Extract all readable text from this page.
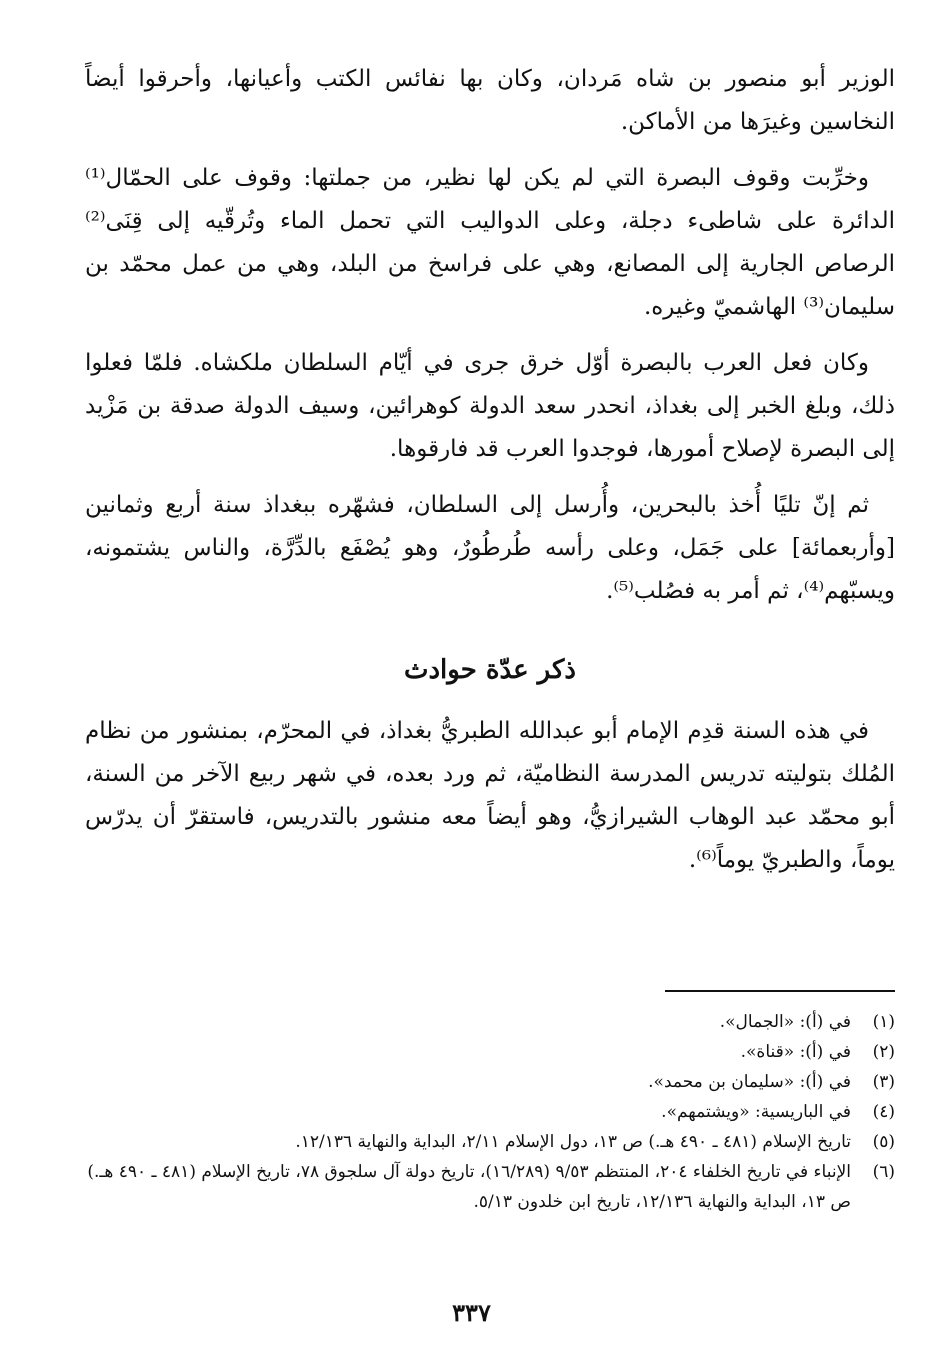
الوزير أبو منصور بن شاه مَردان، وكان بها نفائس الكتب وأعيانها، وأحرقوا أيضاً النخاسين وغيرَها من الأماكن.

وخرِّبت وقوف البصرة التي لم يكن لها نظير، من جملتها: وقوف على الحمّال⁽¹⁾ الدائرة على شاطىء دجلة، وعلى الدواليب التي تحمل الماء وتُرقّيه إلى قِنَى⁽²⁾ الرصاص الجارية إلى المصانع، وهي على فراسخ من البلد، وهي من عمل محمّد بن سليمان⁽³⁾ الهاشميّ وغيره.

وكان فعل العرب بالبصرة أوّل خرق جرى في أيّام السلطان ملكشاه. فلمّا فعلوا ذلك، وبلغ الخبر إلى بغداذ، انحدر سعد الدولة كوهرائين، وسيف الدولة صدقة بن مَزْيد إلى البصرة لإصلاح أمورها، فوجدوا العرب قد فارقوها.

ثم إنّ تليًا أُخذ بالبحرين، وأُرسل إلى السلطان، فشهّره ببغداذ سنة أربع وثمانين [وأربعمائة] على جَمَل، وعلى رأسه طُرطُورٌ، وهو يُصْفَع بالدِّرَّة، والناس يشتمونه، ويسبّهم⁽⁴⁾، ثم أمر به فصُلب⁽⁵⁾.

ذكر عدّة حوادث

في هذه السنة قدِم الإمام أبو عبدالله الطبريُّ بغداذ، في المحرّم، بمنشور من نظام المُلك بتوليته تدريس المدرسة النظاميّة، ثم ورد بعده، في شهر ربيع الآخر من السنة، أبو محمّد عبد الوهاب الشيرازيُّ، وهو أيضاً معه منشور بالتدريس، فاستقرّ أن يدرّس يوماً، والطبريّ يوماً⁽⁶⁾.

(١)
في (أ): «الجمال».
(٢)
في (أ): «قناة».
(٣)
في (أ): «سليمان بن محمد».
(٤)
في الباريسية: «ويشتمهم».
(٥)
تاريخ الإسلام (٤٨١ ـ ٤٩٠ هـ.) ص ١٣، دول الإسلام ٢/١١، البداية والنهاية ١٢/١٣٦.
(٦)
الإنباء في تاريخ الخلفاء ٢٠٤، المنتظم ٩/٥٣ (١٦/٢٨٩)، تاريخ دولة آل سلجوق ٧٨، تاريخ الإسلام (٤٨١ ـ ٤٩٠ هـ.) ص ١٣، البداية والنهاية ١٢/١٣٦، تاريخ ابن خلدون ٥/١٣.
٣٣٧
